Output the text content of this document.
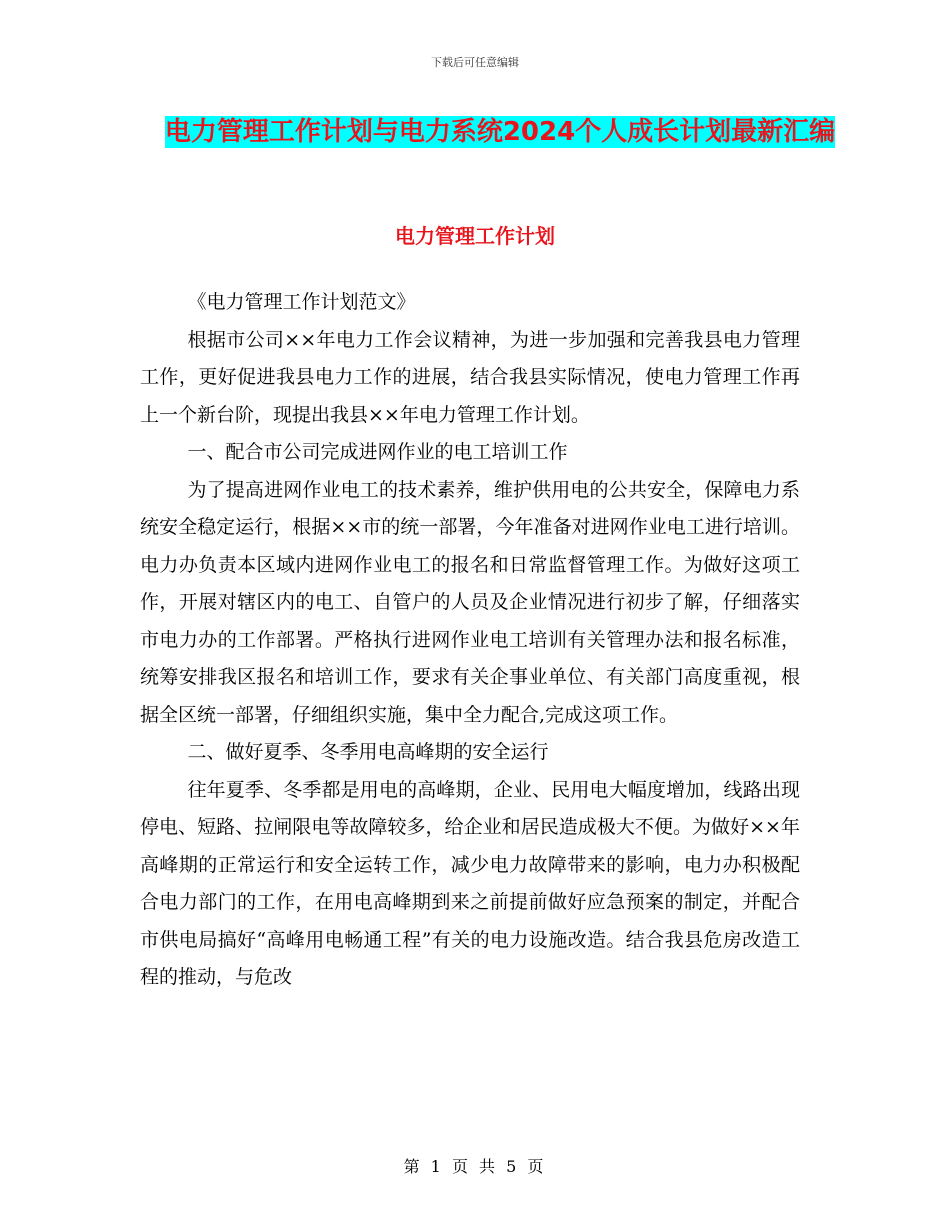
下载后可任意编辑
电力管理工作计划与电力系统2024个人成长计划最新汇编
电力管理工作计划

《电力管理工作计划范文》

根据市公司××年电力工作会议精神，为进一步加强和完善我县电力管理工作，更好促进我县电力工作的进展，结合我县实际情况，使电力管理工作再上一个新台阶，现提出我县××年电力管理工作计划。

一、配合市公司完成进网作业的电工培训工作

为了提高进网作业电工的技术素养，维护供用电的公共安全，保障电力系统安全稳定运行，根据××市的统一部署，今年准备对进网作业电工进行培训。电力办负责本区域内进网作业电工的报名和日常监督管理工作。为做好这项工作，开展对辖区内的电工、自管户的人员及企业情况进行初步了解，仔细落实市电力办的工作部署。严格执行进网作业电工培训有关管理办法和报名标准，统筹安排我区报名和培训工作，要求有关企事业单位、有关部门高度重视，根据全区统一部署，仔细组织实施，集中全力配合,完成这项工作。

二、做好夏季、冬季用电高峰期的安全运行

往年夏季、冬季都是用电的高峰期，企业、民用电大幅度增加，线路出现停电、短路、拉闸限电等故障较多，给企业和居民造成极大不便。为做好××年高峰期的正常运行和安全运转工作，减少电力故障带来的影响，电力办积极配合电力部门的工作，在用电高峰期到来之前提前做好应急预案的制定，并配合市供电局搞好“高峰用电畅通工程”有关的电力设施改造。结合我县危房改造工程的推动，与危改

第 1 页 共 5 页
